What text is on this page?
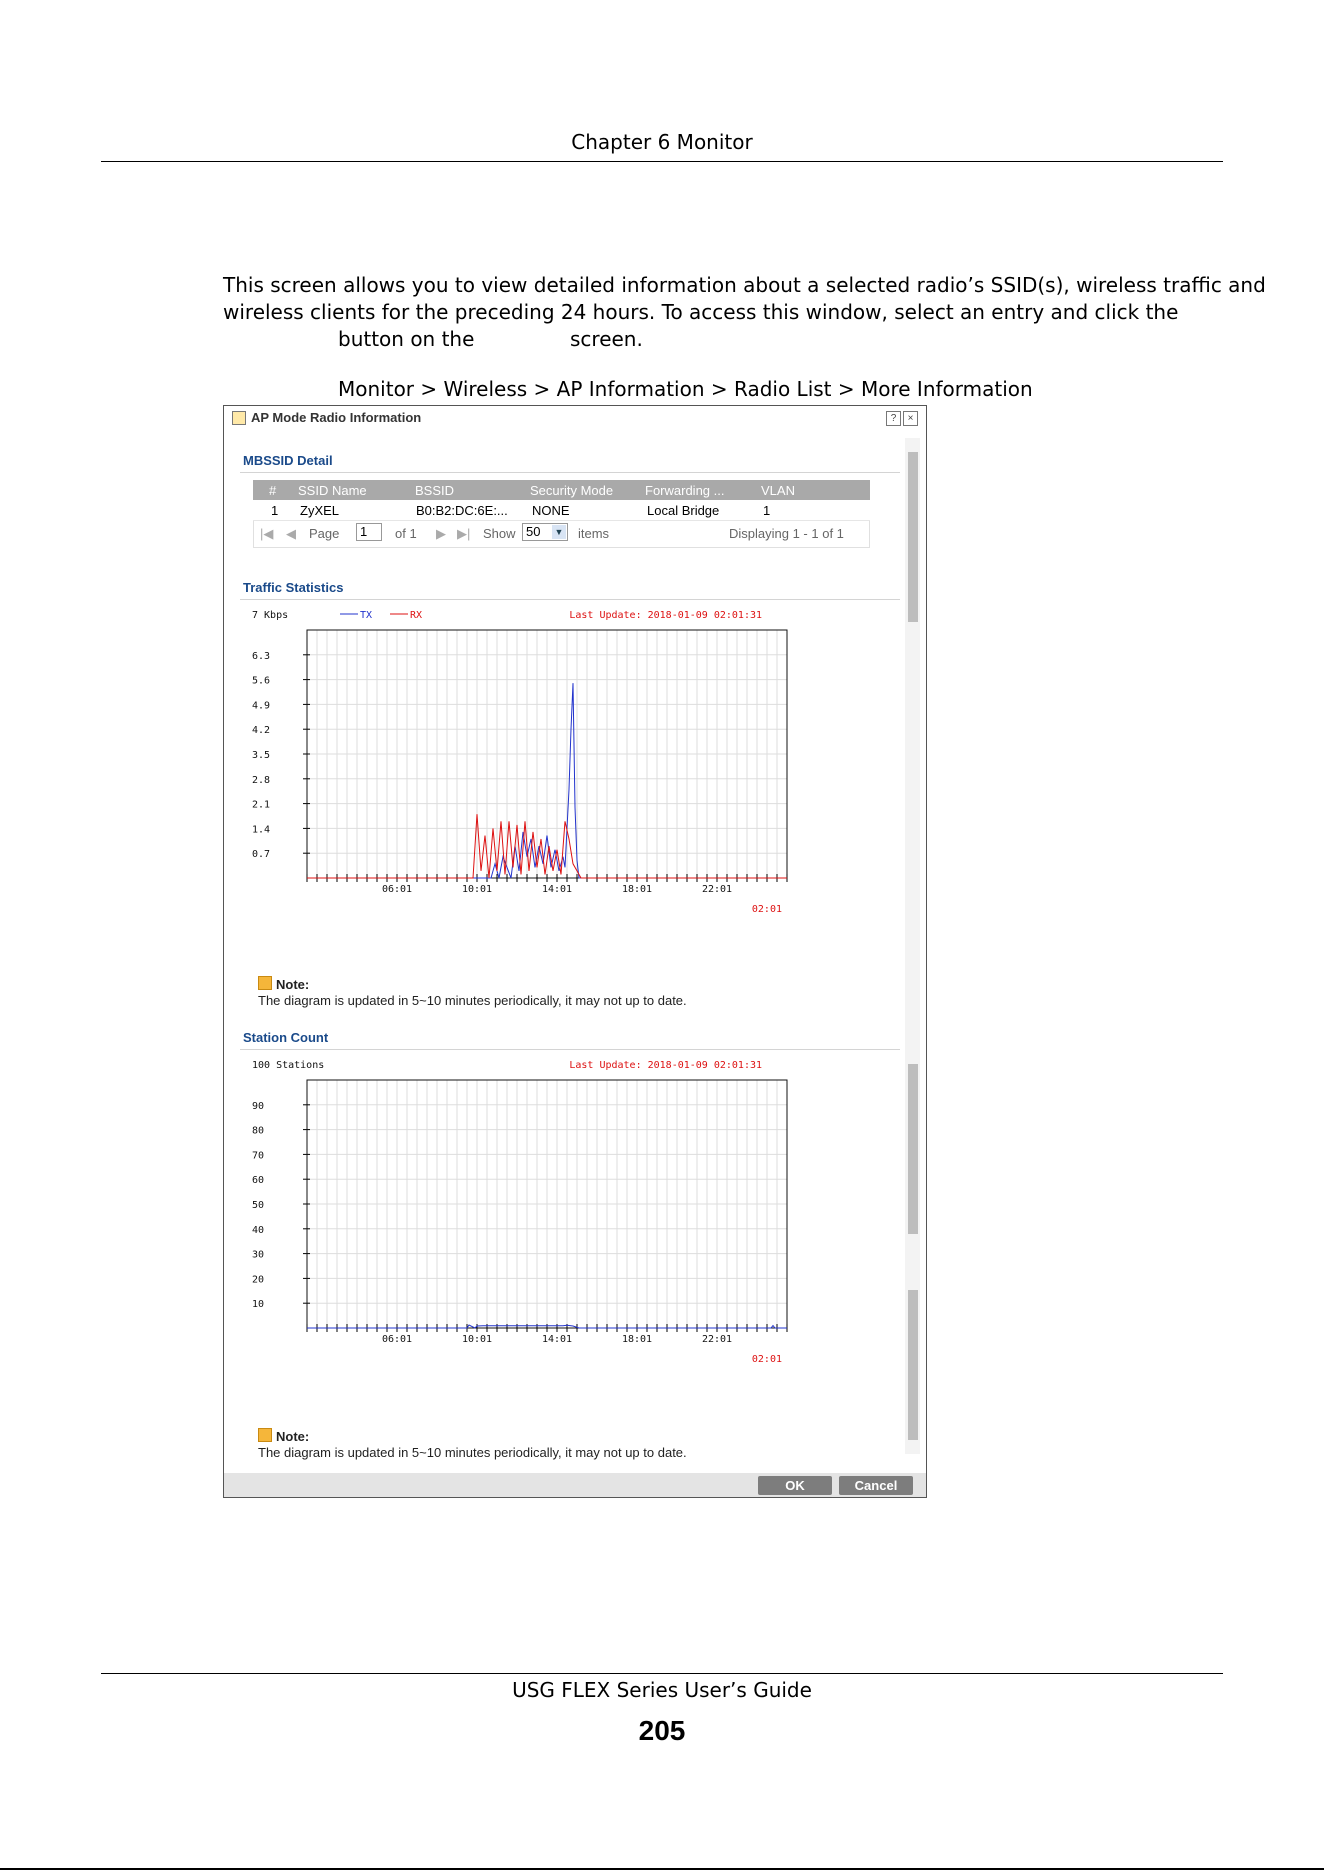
Chapter 6 Monitor
This screen allows you to view detailed information about a selected radio’s SSID(s), wireless traffic and
wireless clients for the preceding 24 hours. To access this window, select an entry and click the
button on the	screen.
Monitor > Wireless > AP Information > Radio List > More Information
AP Mode Radio Information	?	×
MBSSID Detail
# SSID Name	BSSID	Security Mode Forwarding ...	VLAN
1 ZyXEL	B0:B2:DC:6E:... NONE	Local Bridge	1
|◀ ◀ Page	1	of 1 ▶ ▶| Show 50 ▼ items	Displaying 1 - 1 of 1
Traffic Statistics
7 Kbps	TX	RX	Last Update: 2018-01-09 02:01:31
6.3
5.6
4.9
4.2
3.5
2.8
2.1
1.4
0.7
06:01	10:01	14:01	18:01	22:01
02:01
Note:
The diagram is updated in 5~10 minutes periodically, it may not up to date.
Station Count
100 Stations	Last Update: 2018-01-09 02:01:31
90
80
70
60
50
40
30
20
10
06:01	10:01	14:01	18:01	22:01
02:01
Note:
The diagram is updated in 5~10 minutes periodically, it may not up to date.
OK	Cancel
USG FLEX Series User’s Guide
205
